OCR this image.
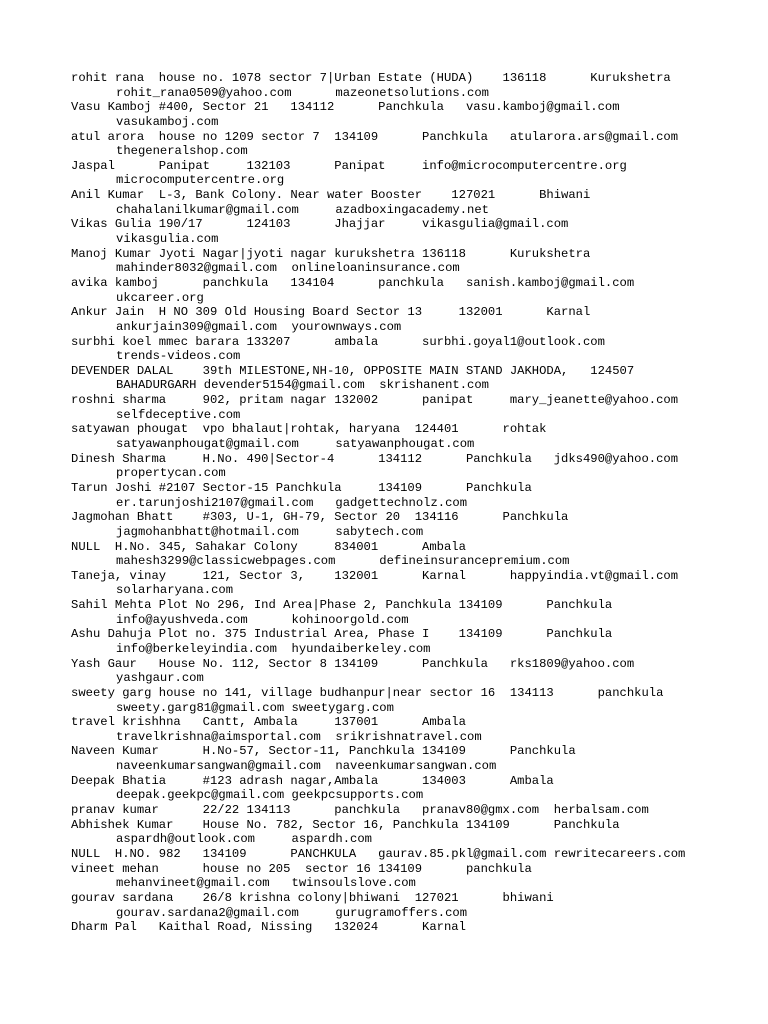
rohit rana  house no. 1078 sector 7|Urban Estate (HUDA)    136118      Kurukshetra
rohit_rana0509@yahoo.com      mazeonetsolutions.com
Vasu Kamboj #400, Sector 21   134112      Panchkula   vasu.kamboj@gmail.com
vasukamboj.com
atul arora  house no 1209 sector 7  134109      Panchkula   atularora.ars@gmail.com
thegeneralshop.com
Jaspal      Panipat     132103      Panipat     info@microcomputercentre.org
microcomputercentre.org
Anil Kumar  L-3, Bank Colony. Near water Booster    127021      Bhiwani
chahalanilkumar@gmail.com     azadboxingacademy.net
Vikas Gulia 190/17      124103      Jhajjar     vikasgulia@gmail.com
vikasgulia.com
Manoj Kumar Jyoti Nagar|jyoti nagar kurukshetra 136118      Kurukshetra
mahinder8032@gmail.com  onlineloaninsurance.com
avika kamboj      panchkula   134104      panchkula   sanish.kamboj@gmail.com
ukcareer.org
Ankur Jain  H NO 309 Old Housing Board Sector 13     132001      Karnal
ankurjain309@gmail.com  yourownways.com
surbhi koel mmec barara 133207      ambala      surbhi.goyal1@outlook.com
trends-videos.com
DEVENDER DALAL    39th MILESTONE,NH-10, OPPOSITE MAIN STAND JAKHODA,   124507
BAHADURGARH devender5154@gmail.com  skrishanent.com
roshni sharma     902, pritam nagar 132002      panipat     mary_jeanette@yahoo.com
selfdeceptive.com
satyawan phougat  vpo bhalaut|rohtak, haryana  124401      rohtak
satyawanphougat@gmail.com     satyawanphougat.com
Dinesh Sharma     H.No. 490|Sector-4      134112      Panchkula   jdks490@yahoo.com
propertycan.com
Tarun Joshi #2107 Sector-15 Panchkula     134109      Panchkula
er.tarunjoshi2107@gmail.com   gadgettechnolz.com
Jagmohan Bhatt    #303, U-1, GH-79, Sector 20  134116      Panchkula
jagmohanbhatt@hotmail.com     sabytech.com
NULL  H.No. 345, Sahakar Colony     834001      Ambala
mahesh3299@classicwebpages.com      defineinsurancepremium.com
Taneja, vinay     121, Sector 3,    132001      Karnal      happyindia.vt@gmail.com
solarharyana.com
Sahil Mehta Plot No 296, Ind Area|Phase 2, Panchkula 134109      Panchkula
info@ayushveda.com      kohinoorgold.com
Ashu Dahuja Plot no. 375 Industrial Area, Phase I    134109      Panchkula
info@berkeleyindia.com  hyundaiberkeley.com
Yash Gaur   House No. 112, Sector 8 134109      Panchkula   rks1809@yahoo.com
yashgaur.com
sweety garg house no 141, village budhanpur|near sector 16  134113      panchkula
sweety.garg81@gmail.com sweetygarg.com
travel krishhna   Cantt, Ambala     137001      Ambala
travelkrishna@aimsportal.com  srikrishnatravel.com
Naveen Kumar      H.No-57, Sector-11, Panchkula 134109      Panchkula
naveenkumarsangwan@gmail.com  naveenkumarsangwan.com
Deepak Bhatia     #123 adrash nagar,Ambala      134003      Ambala
deepak.geekpc@gmail.com geekpcsupports.com
pranav kumar      22/22 134113      panchkula   pranav80@gmx.com  herbalsam.com
Abhishek Kumar    House No. 782, Sector 16, Panchkula 134109      Panchkula
aspardh@outlook.com     aspardh.com
NULL  H.NO. 982   134109      PANCHKULA   gaurav.85.pkl@gmail.com rewritecareers.com
vineet mehan      house no 205  sector 16 134109      panchkula
mehanvineet@gmail.com   twinsoulslove.com
gourav sardana    26/8 krishna colony|bhiwani  127021      bhiwani
gourav.sardana2@gmail.com     gurugramoffers.com
Dharm Pal   Kaithal Road, Nissing   132024      Karnal
